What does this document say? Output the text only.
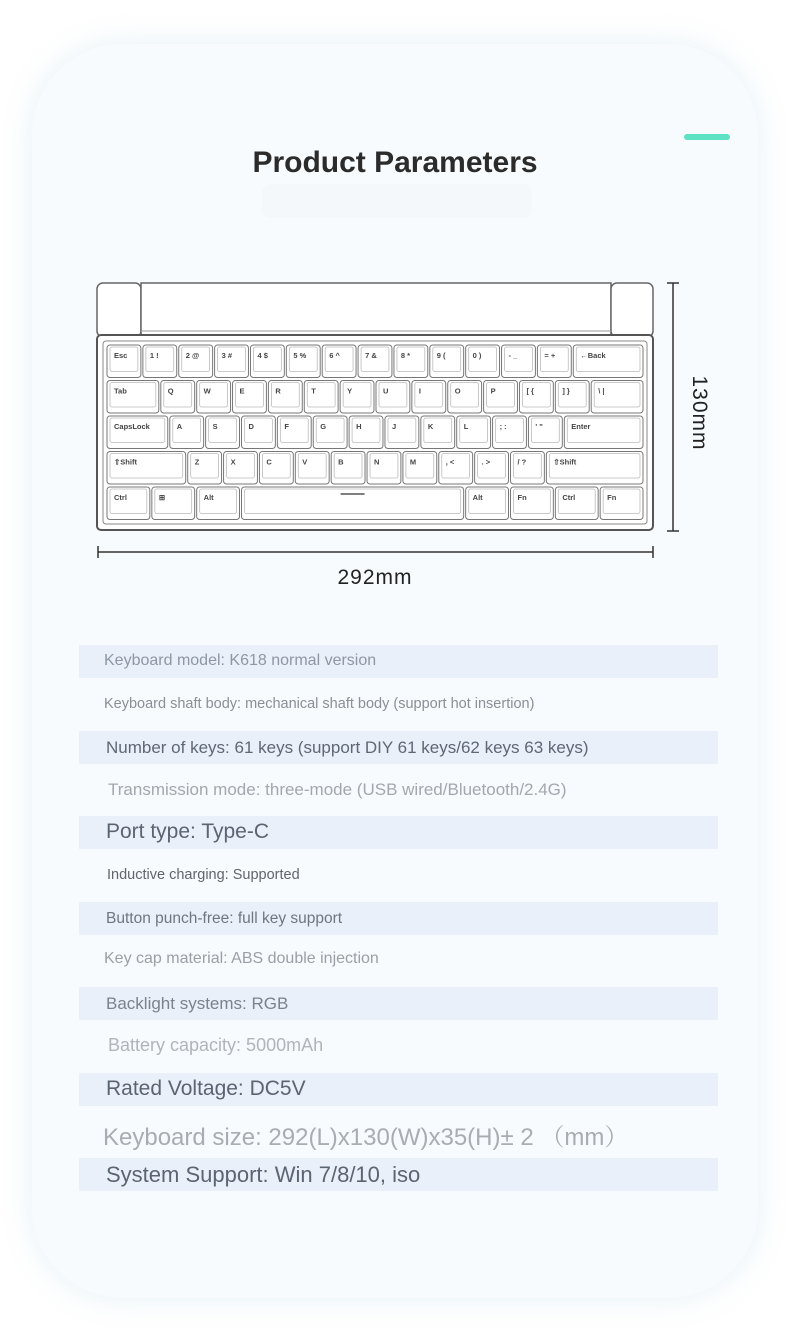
Product Parameters
Esc	1 !	2 @	3 #	4 $	5 %	6 ^	7 &	8 *	9 (	0 )	- _	= +	←Back
Tab	Q	W	E	R	T	Y	U	I	O	P	[ {	] }	\ |
CapsLock	A	S	D	F	G	H	J	K	L	; :	' "	Enter
⇧Shift	Z	X	C	V	B	N	M	, <	. >	/ ?	⇧Shift
Ctrl	⊞	Alt	Alt	Fn	Ctrl	Fn
292mm
130mm
Keyboard model: K618 normal version
Keyboard shaft body: mechanical shaft body (support hot insertion)
Number of keys: 61 keys (support DIY 61 keys/62 keys 63 keys)
Transmission mode: three-mode (USB wired/Bluetooth/2.4G)
Port type: Type-C
Inductive charging: Supported
Button punch-free: full key support
Key cap material: ABS double injection
Backlight systems: RGB
Battery capacity: 5000mAh
Rated Voltage: DC5V
Keyboard size: 292(L)x130(W)x35(H)± 2 （mm）
System Support: Win 7/8/10, iso
